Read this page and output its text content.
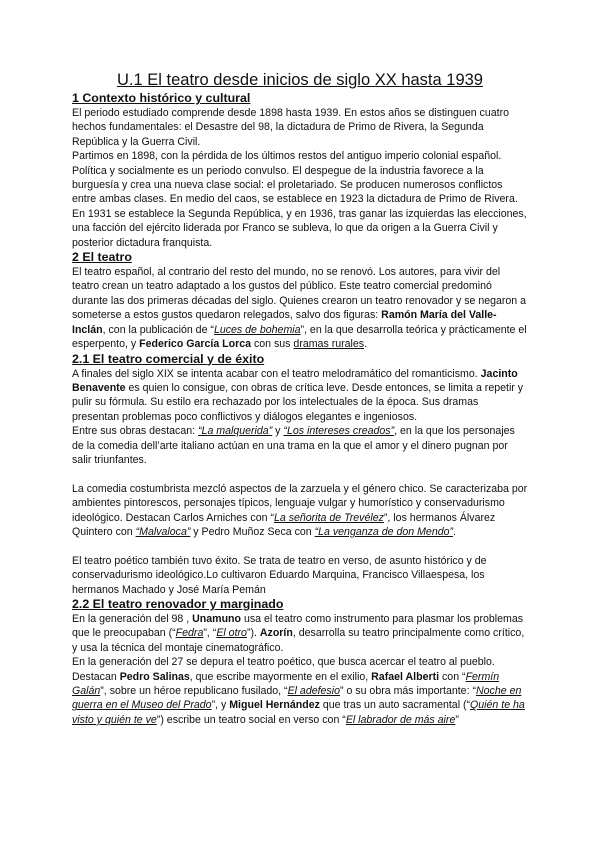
U.1 El teatro desde inicios de siglo XX hasta 1939
1 Contexto histórico y cultural

El periodo estudiado comprende desde 1898 hasta 1939. En estos años se distinguen cuatro hechos fundamentales: el Desastre del 98, la dictadura de Primo de Rivera, la Segunda República y la Guerra Civil.

Partimos en 1898, con la pérdida de los últimos restos del antiguo imperio colonial español. Política y socialmente es un periodo convulso. El despegue de la industria favorece a la burguesía y crea una nueva clase social: el proletariado. Se producen numerosos conflictos entre ambas clases. En medio del caos, se establece en 1923 la dictadura de Primo de Rivera. En 1931 se establece la Segunda República, y en 1936, tras ganar las izquierdas las elecciones, una facción del ejército liderada por Franco se subleva, lo que da origen a la Guerra Civil y posterior dictadura franquista.

2 El teatro

El teatro español, al contrario del resto del mundo, no se renovó. Los autores, para vivir del teatro crean un teatro adaptado a los gustos del público. Este teatro comercial predominó durante las dos primeras décadas del siglo. Quienes crearon un teatro renovador y se negaron a someterse a estos gustos quedaron relegados, salvo dos figuras: Ramón María del Valle-Inclán, con la publicación de “Luces de bohemia”, en la que desarrolla teórica y prácticamente el esperpento, y Federico García Lorca con sus dramas rurales.

2.1 El teatro comercial y de éxito

A finales del siglo XIX se intenta acabar con el teatro melodramático del romanticismo. Jacinto Benavente es quien lo consigue, con obras de crítica leve. Desde entonces, se limita a repetir y pulir su fórmula. Su estilo era rechazado por los intelectuales de la época. Sus dramas presentan problemas poco conflictivos y diálogos elegantes e ingeniosos.

Entre sus obras destacan: “La malquerida” y “Los intereses creados”, en la que los personajes de la comedia dell’arte italiano actúan en una trama en la que el amor y el dinero pugnan por salir triunfantes.

La comedia costumbrista mezcló aspectos de la zarzuela y el género chico. Se caracterizaba por ambientes pintorescos, personajes típicos, lenguaje vulgar y humorístico y conservadurismo ideológico. Destacan Carlos Arniches con “La señorita de Trevélez”, los hermanos Álvarez Quintero con “Malvaloca” y Pedro Muñoz Seca con “La venganza de don Mendo”.

El teatro poético también tuvo éxito. Se trata de teatro en verso, de asunto histórico y de conservadurismo ideológico.Lo cultivaron Eduardo Marquina, Francisco Villaespesa, los hermanos Machado y José María Pemán

2.2 El teatro renovador y marginado

En la generación del 98 , Unamuno usa el teatro como instrumento para plasmar los problemas que le preocupaban (“Fedra”, “El otro”). Azorín, desarrolla su teatro principalmente como crítico, y usa la técnica del montaje cinematográfico.

En la generación del 27 se depura el teatro poético, que busca acercar el teatro al pueblo. Destacan Pedro Salinas, que escribe mayormente en el exilio, Rafael Alberti con “Fermín Galán”, sobre un héroe republicano fusilado, “El adefesio” o su obra más importante: “Noche en guerra en el Museo del Prado”, y Miguel Hernández que tras un auto sacramental (“Quién te ha visto y quién te ve”) escribe un teatro social en verso con “El labrador de más aire”
